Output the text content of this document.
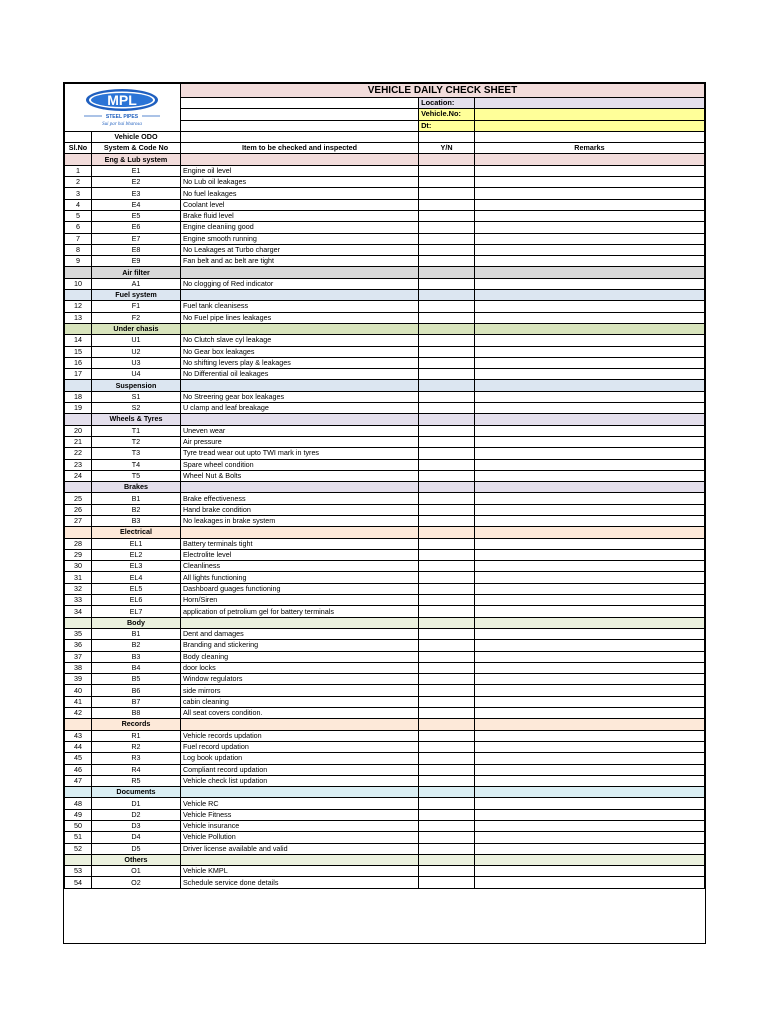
MPL
STEEL PIPES
Sui par hai bharosa		VEHICLE DAILY CHECK SHEET		
			Location:	
			Vehicle.No:	
			Dt:	
	Vehicle ODO			
Sl.No	System & Code No	Item to be checked and inspected	Y/N	Remarks
	Eng & Lub system			
1	E1	Engine oil level		
2	E2	No Lub oil leakages		
3	E3	No fuel leakages		
4	E4	Coolant level		
5	E5	Brake fluid level		
6	E6	Engine cleaniing good		
7	E7	Engine smooth running		
8	E8	No Leakages at Turbo charger		
9	E9	Fan belt and ac belt are tight		
	Air filter			
10	A1	No clogging of Red indicator		
	Fuel system			
12	F1	Fuel tank cleanisess		
13	F2	No Fuel pipe lines leakages		
	Under chasis			
14	U1	No Clutch slave cyl leakage		
15	U2	No Gear box leakages		
16	U3	No shifting levers play & leakages		
17	U4	No Differential oil leakages		
	Suspension			
18	S1	No Streering gear box leakages		
19	S2	U clamp and leaf breakage		
	Wheels & Tyres			
20	T1	Uneven wear		
21	T2	Air pressure		
22	T3	Tyre tread wear out upto TWI mark in tyres		
23	T4	Spare wheel condition		
24	T5	Wheel Nut & Bolts		
	Brakes			
25	B1	Brake effectiveness		
26	B2	Hand brake condition		
27	B3	No leakages in brake system		
	Electrical			
28	EL1	Battery terminals tight		
29	EL2	Electrolite level		
30	EL3	Cleanliness		
31	EL4	All lights functioning		
32	EL5	Dashboard guages functioning		
33	EL6	Horn/Siren		
34	EL7	application of petrolium gel for battery terminals		
	Body			
35	B1	Dent and damages		
36	B2	Branding and stickering		
37	B3	Body cleaning		
38	B4	door locks		
39	B5	Window regulators		
40	B6	side mirrors		
41	B7	cabin cleaning		
42	B8	All seat covers condition.		
	Records			
43	R1	Vehicle records updation		
44	R2	Fuel record updation		
45	R3	Log book updation		
46	R4	Compliant record updation		
47	R5	Vehicle check list updation		
	Documents			
48	D1	Vehicle RC		
49	D2	Vehicle Fitness		
50	D3	Vehicle insurance		
51	D4	Vehicle Pollution		
52	D5	Driver license available and valid		
	Others			
53	O1	Vehicle KMPL		
54	O2	Schedule service done details		
